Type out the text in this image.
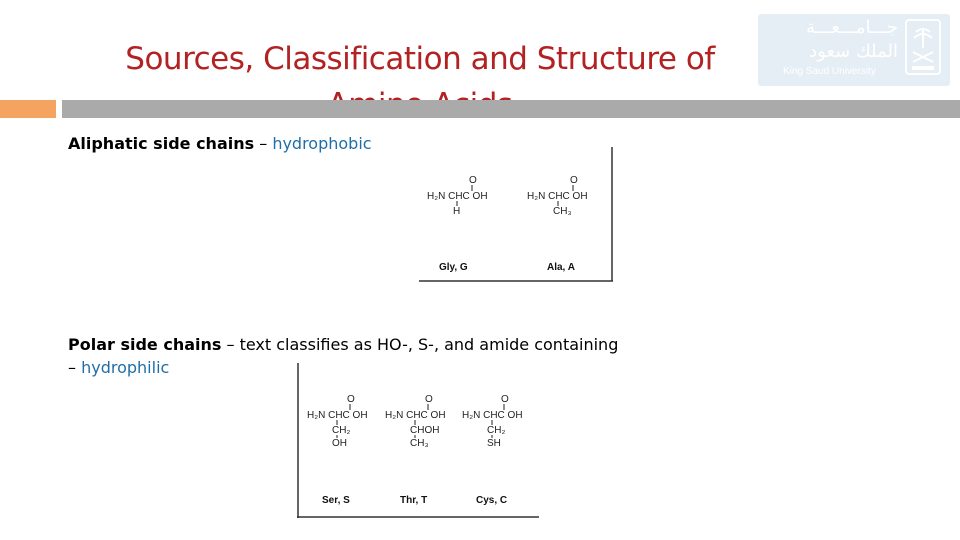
Sources, Classification and Structure of
جـــامـــعـــة
الملك سعود
King Saud University
Aliphatic side chains – hydrophobic
O
H₂N CHC OH
H
Gly, G
O
H₂N CHC OH
CH₃
Ala, A
Polar side chains – text classifies as HO-, S-, and amide containing
– hydrophilic
O
H₂N CHC OH
CH₂
OH
Ser, S
O
H₂N CHC OH
CHOH
CH₃
Thr, T
O
H₂N CHC OH
CH₂
SH
Cys, C
